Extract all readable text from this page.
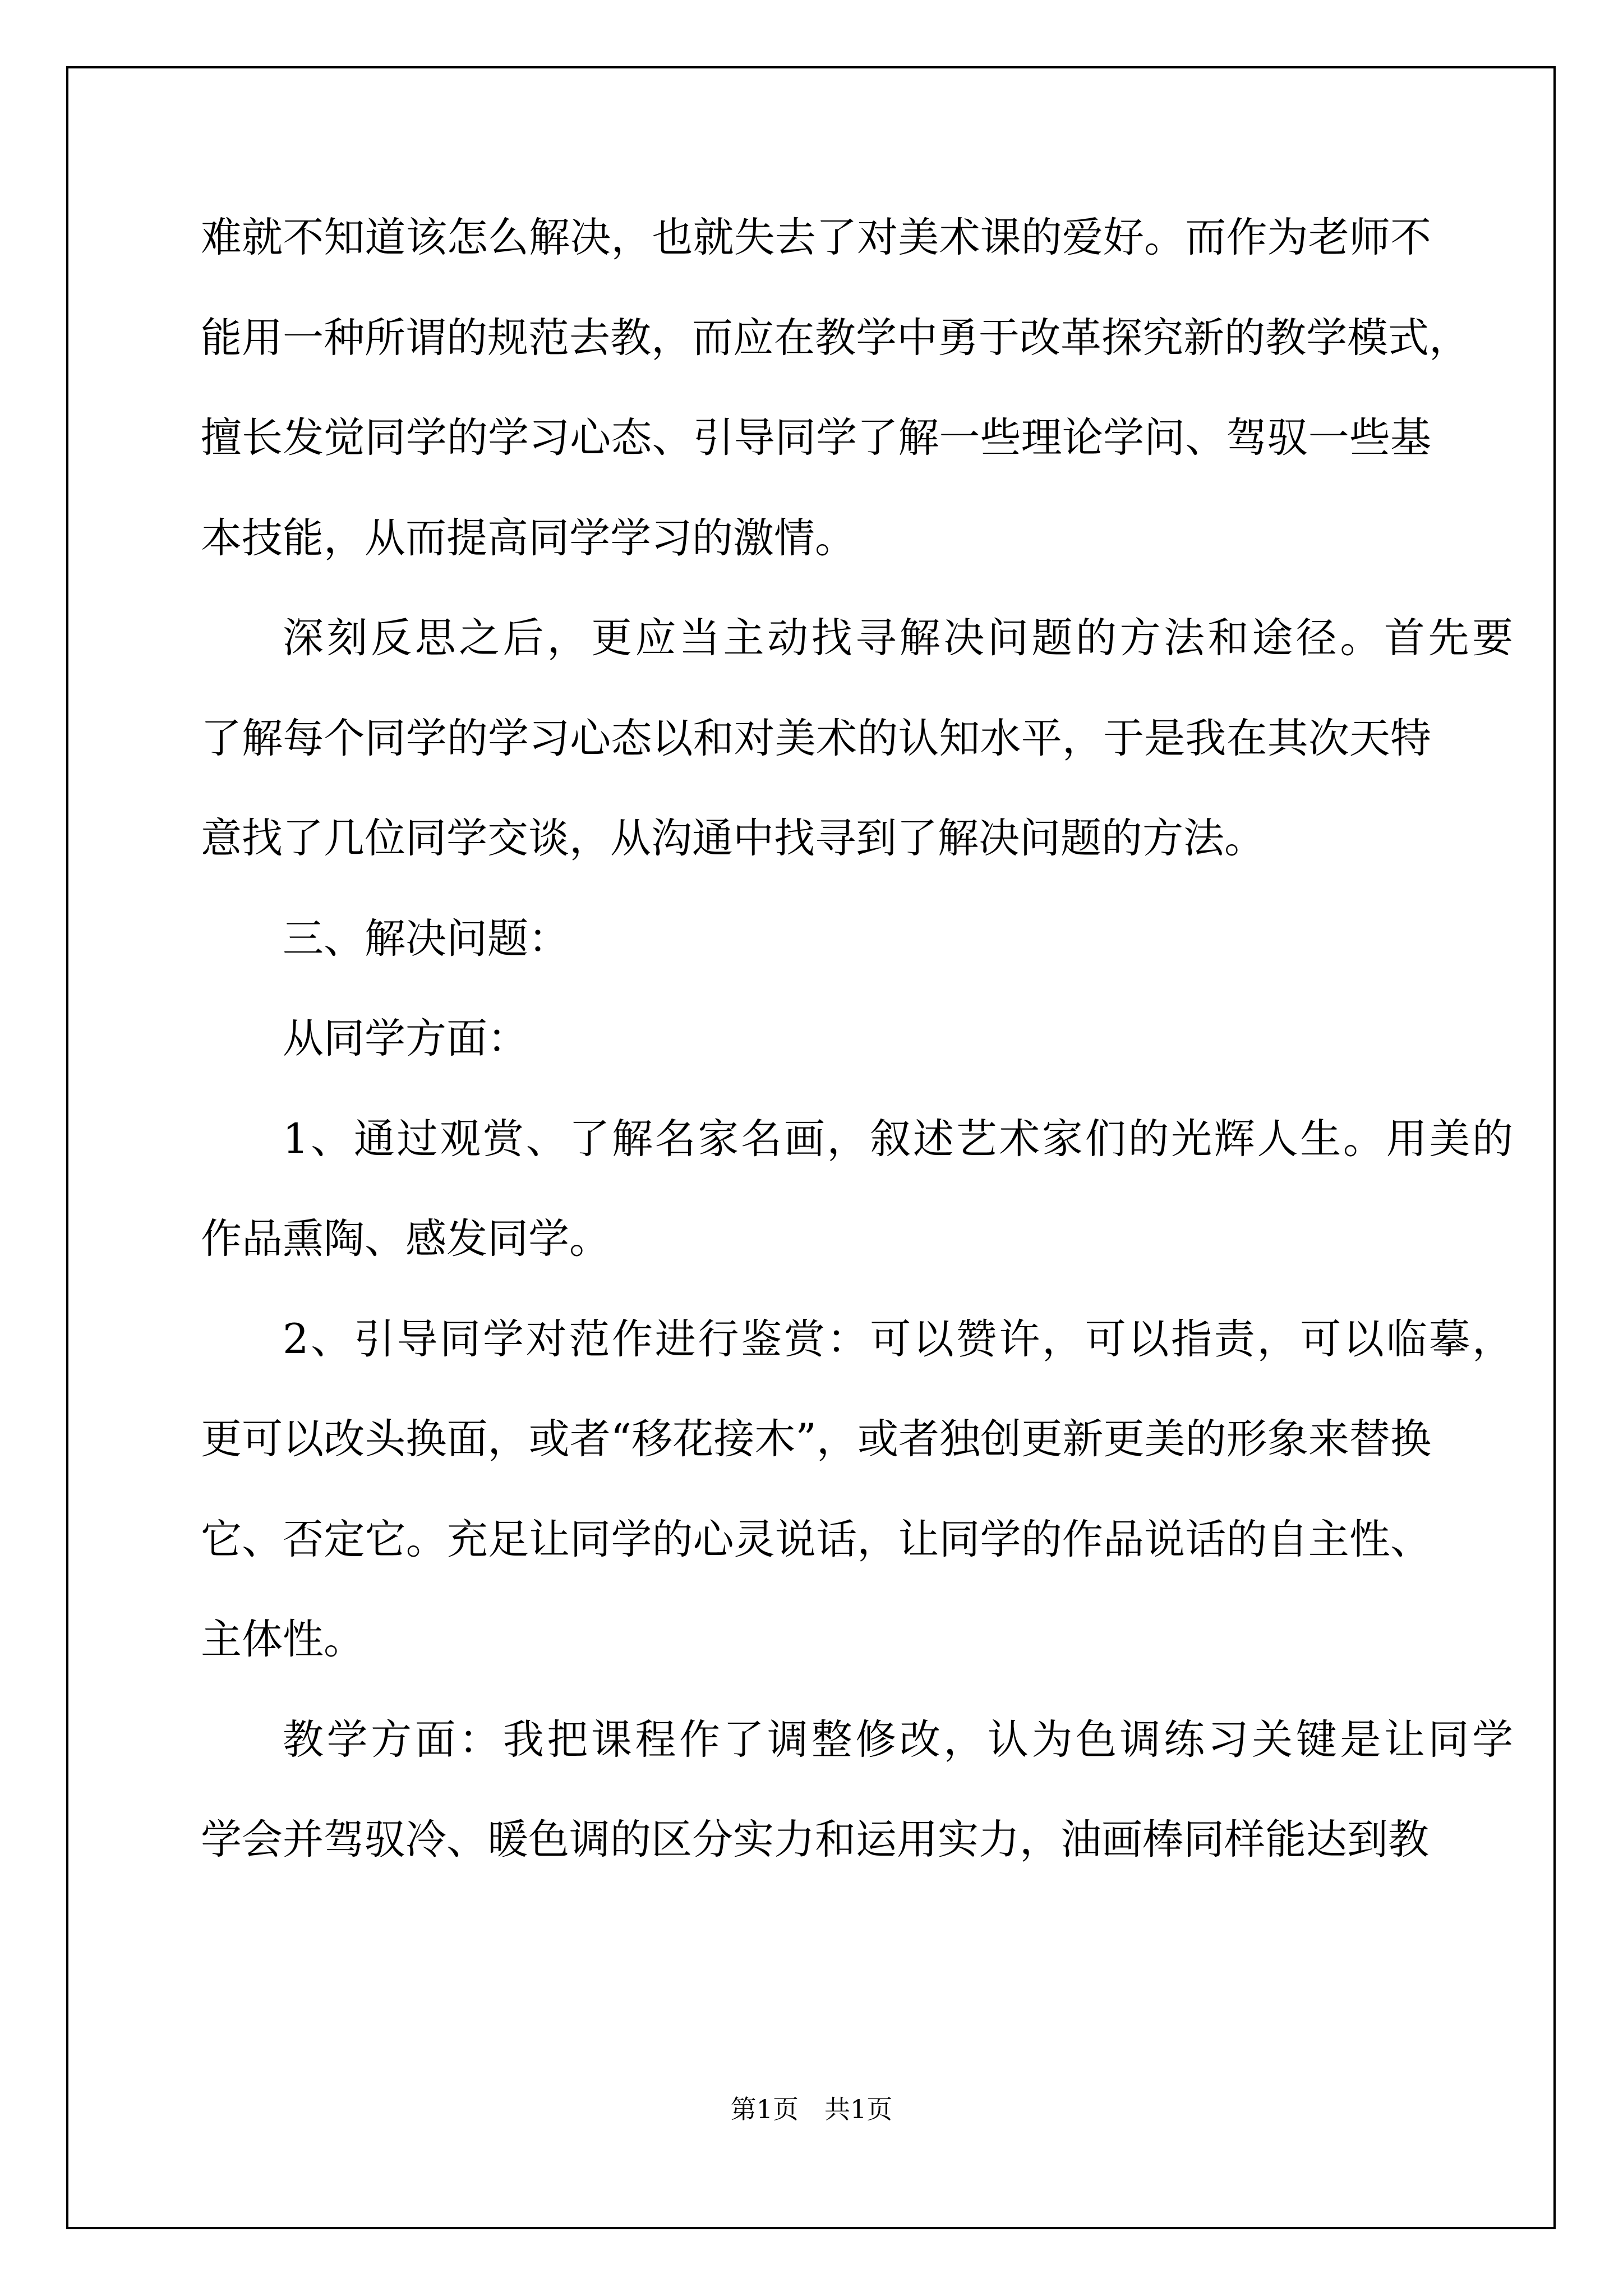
难就不知道该怎么解决，也就失去了对美术课的爱好。而作为老师不
能用一种所谓的规范去教，而应在教学中勇于改革探究新的教学模式，
擅长发觉同学的学习心态、引导同学了解一些理论学问、驾驭一些基
本技能，从而提高同学学习的激情。
深刻反思之后，更应当主动找寻解决问题的方法和途径。首先要
了解每个同学的学习心态以和对美术的认知水平，于是我在其次天特
意找了几位同学交谈，从沟通中找寻到了解决问题的方法。
三、解决问题：
从同学方面：
1、通过观赏、了解名家名画，叙述艺术家们的光辉人生。用美的
作品熏陶、感发同学。
2、引导同学对范作进行鉴赏：可以赞许，可以指责，可以临摹，
更可以改头换面，或者“移花接木”，或者独创更新更美的形象来替换
它、否定它。充足让同学的心灵说话，让同学的作品说话的自主性、
主体性。
教学方面：我把课程作了调整修改，认为色调练习关键是让同学
学会并驾驭冷、暖色调的区分实力和运用实力，油画棒同样能达到教
第1页　共1页
